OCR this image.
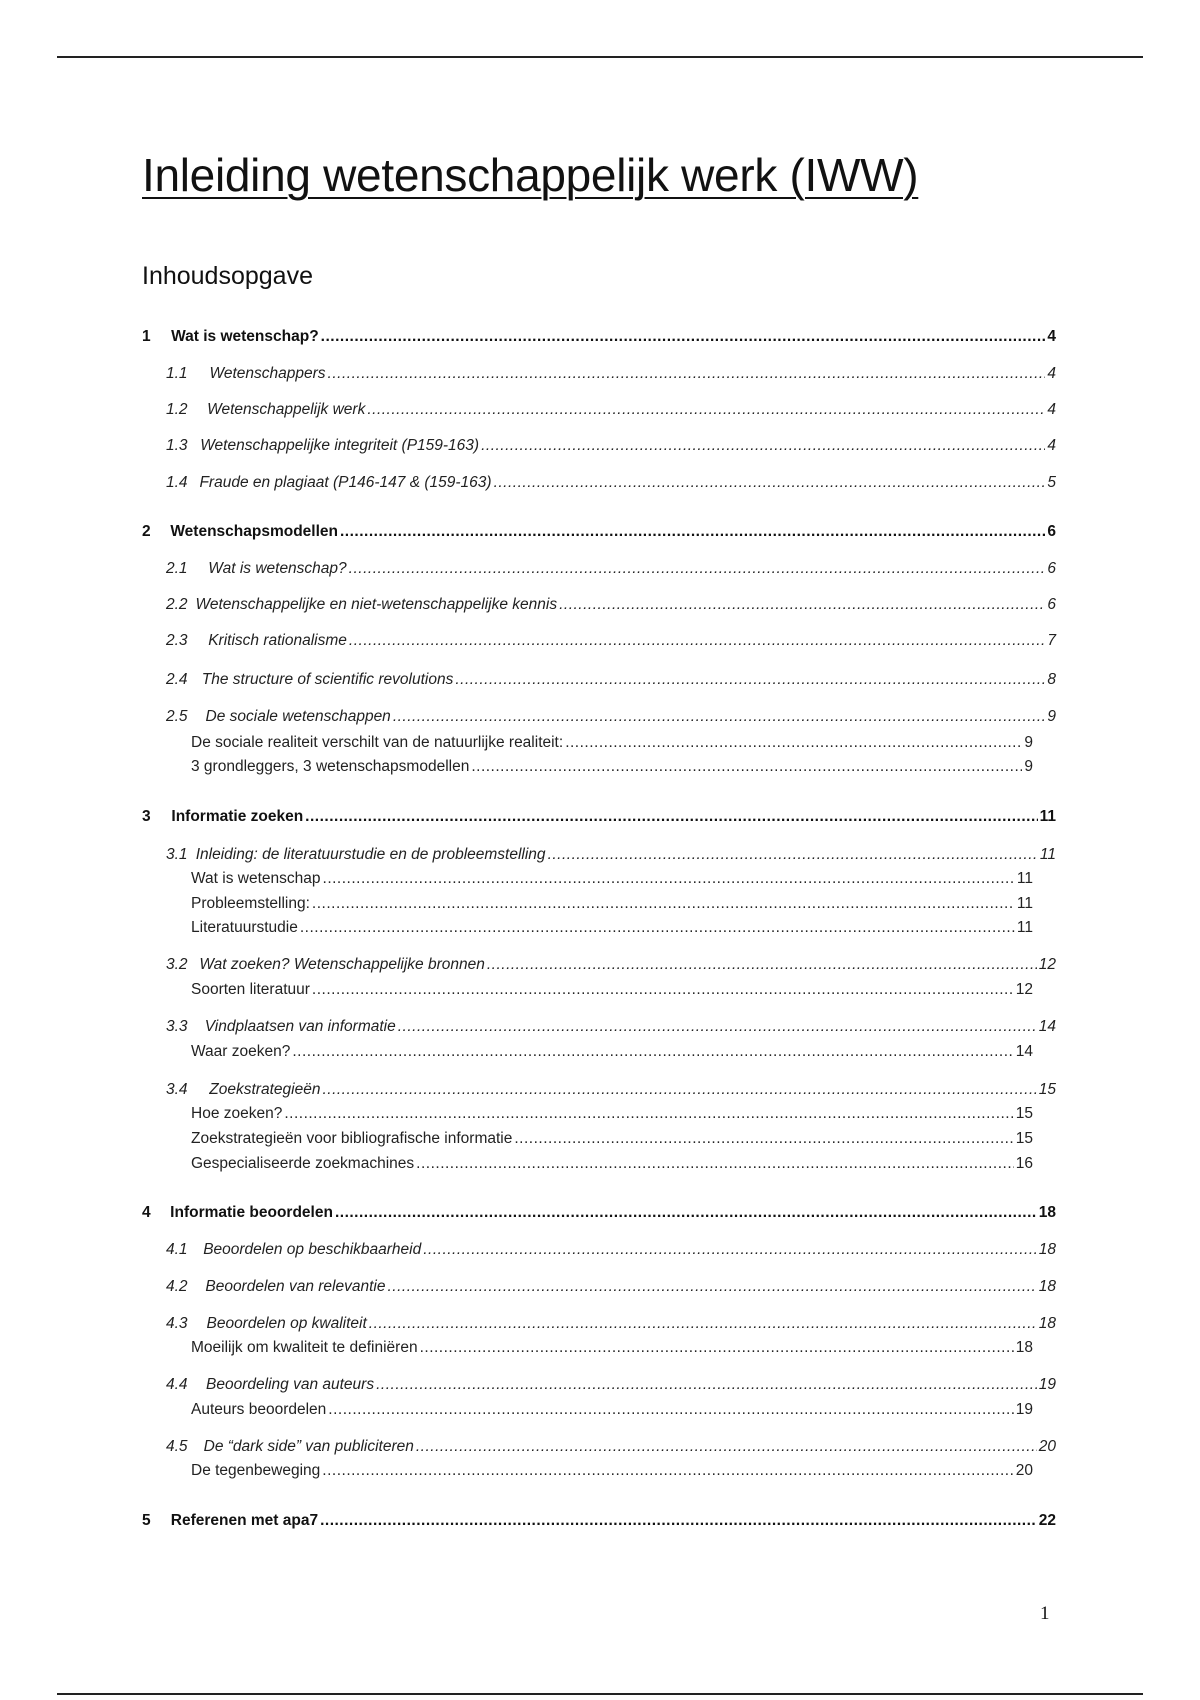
Inleiding wetenschappelijk werk (IWW)
Inhoudsopgave
1	Wat is wetenschap? .....	4
1.1	Wetenschappers .....	4
1.2	Wetenschappelijk werk .....	4
1.3 Wetenschappelijke integriteit (P159-163) .....	4
1.4 Fraude en plagiaat (P146-147 & (159-163) .....	5
2	Wetenschapsmodellen .....	6
2.1	Wat is wetenschap? .....	6
2.2 Wetenschappelijke en niet-wetenschappelijke kennis .....	6
2.3	Kritisch rationalisme .....	7
2.4 The structure of scientific revolutions .....	8
2.5	De sociale wetenschappen .....	9
De sociale realiteit verschilt van de natuurlijke realiteit: .....	9
3 grondleggers, 3 wetenschapsmodellen .....	9
3	Informatie zoeken .....	11
3.1 Inleiding: de literatuurstudie en de probleemstelling .....	11
Wat is wetenschap .....	11
Probleemstelling: .....	11
Literatuurstudie .....	11
3.2 Wat zoeken? Wetenschappelijke bronnen .....	12
Soorten literatuur .....	12
3.3	Vindplaatsen van informatie .....	14
Waar zoeken? .....	14
3.4	Zoekstrategieën .....	15
Hoe zoeken? .....	15
Zoekstrategieën voor bibliografische informatie .....	15
Gespecialiseerde zoekmachines .....	16
4	Informatie beoordelen .....	18
4.1	Beoordelen op beschikbaarheid .....	18
4.2	Beoordelen van relevantie .....	18
4.3	Beoordelen op kwaliteit .....	18
Moeilijk om kwaliteit te definiëren .....	18
4.4	Beoordeling van auteurs .....	19
Auteurs beoordelen .....	19
4.5	De “dark side” van publiciteren .....	20
De tegenbeweging .....	20
5	Referenen met apa7 .....	22
1
